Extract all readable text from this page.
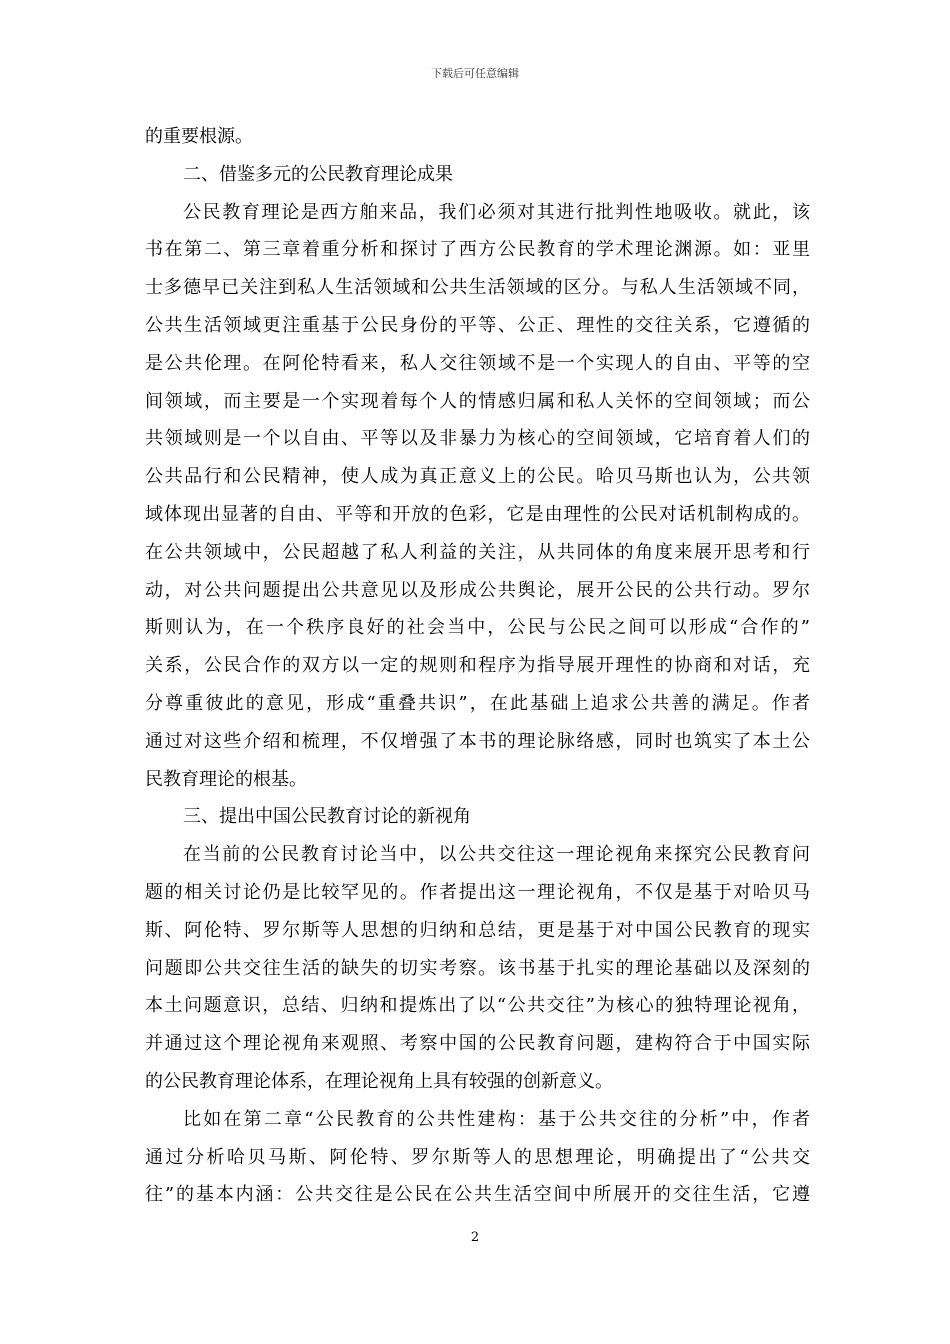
下载后可任意编辑
的重要根源。
二、借鉴多元的公民教育理论成果
公民教育理论是西方舶来品，我们必须对其进行批判性地吸收。就此，该
书在第二、第三章着重分析和探讨了西方公民教育的学术理论渊源。如：亚里
士多德早已关注到私人生活领域和公共生活领域的区分。与私人生活领域不同，
公共生活领域更注重基于公民身份的平等、公正、理性的交往关系，它遵循的
是公共伦理。在阿伦特看来，私人交往领域不是一个实现人的自由、平等的空
间领域，而主要是一个实现着每个人的情感归属和私人关怀的空间领域；而公
共领域则是一个以自由、平等以及非暴力为核心的空间领域，它培育着人们的
公共品行和公民精神，使人成为真正意义上的公民。哈贝马斯也认为，公共领
域体现出显著的自由、平等和开放的色彩，它是由理性的公民对话机制构成的。
在公共领域中，公民超越了私人利益的关注，从共同体的角度来展开思考和行
动，对公共问题提出公共意见以及形成公共舆论，展开公民的公共行动。罗尔
斯则认为，在一个秩序良好的社会当中，公民与公民之间可以形成“合作的”
关系，公民合作的双方以一定的规则和程序为指导展开理性的协商和对话，充
分尊重彼此的意见，形成“重叠共识”，在此基础上追求公共善的满足。作者
通过对这些介绍和梳理，不仅增强了本书的理论脉络感，同时也筑实了本土公
民教育理论的根基。
三、提出中国公民教育讨论的新视角
在当前的公民教育讨论当中，以公共交往这一理论视角来探究公民教育问
题的相关讨论仍是比较罕见的。作者提出这一理论视角，不仅是基于对哈贝马
斯、阿伦特、罗尔斯等人思想的归纳和总结，更是基于对中国公民教育的现实
问题即公共交往生活的缺失的切实考察。该书基于扎实的理论基础以及深刻的
本土问题意识，总结、归纳和提炼出了以“公共交往”为核心的独特理论视角，
并通过这个理论视角来观照、考察中国的公民教育问题，建构符合于中国实际
的公民教育理论体系，在理论视角上具有较强的创新意义。
比如在第二章“公民教育的公共性建构：基于公共交往的分析”中，作者
通过分析哈贝马斯、阿伦特、罗尔斯等人的思想理论，明确提出了“公共交
往”的基本内涵：公共交往是公民在公共生活空间中所展开的交往生活，它遵
2
